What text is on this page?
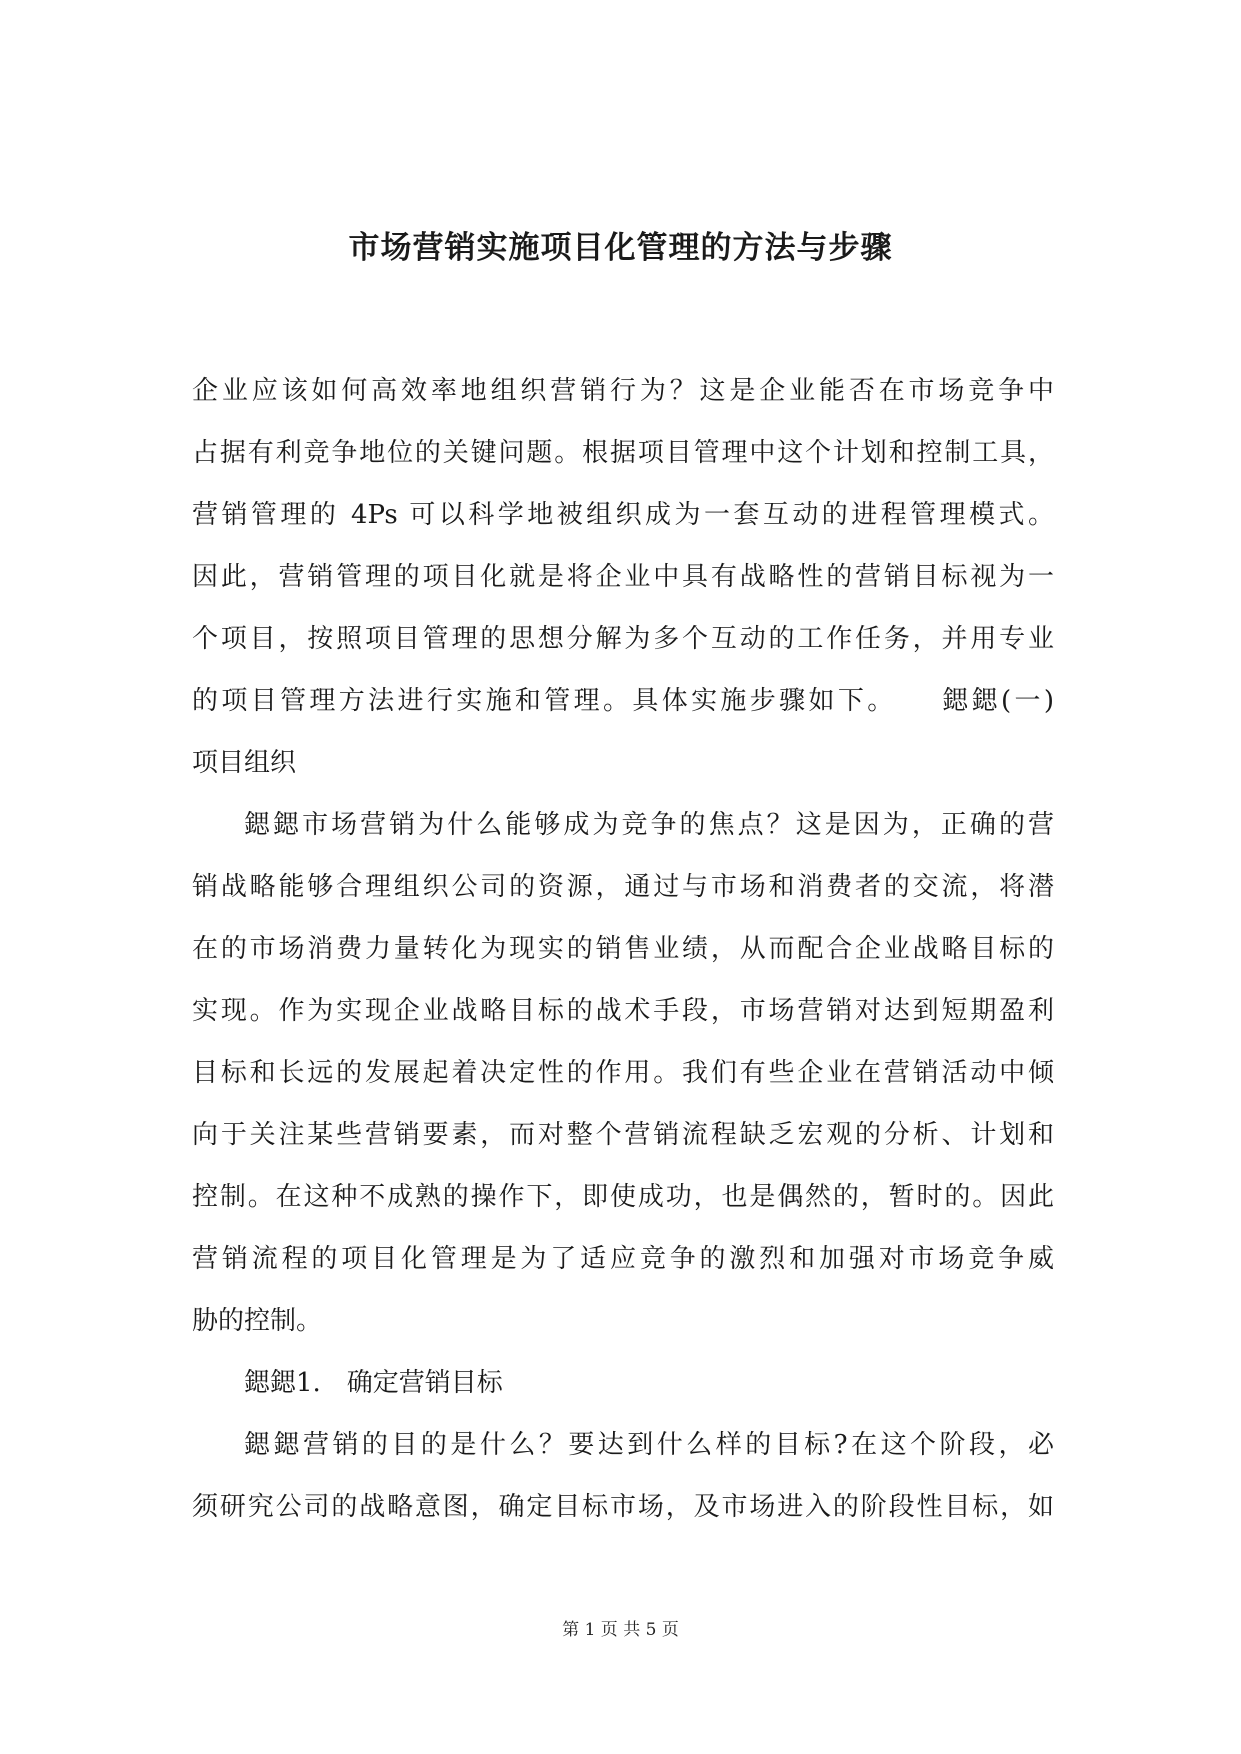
市场营销实施项目化管理的方法与步骤
企业应该如何高效率地组织营销行为？这是企业能否在市场竞争中
占据有利竞争地位的关键问题。根据项目管理中这个计划和控制工具，
营销管理的 4Ps 可以科学地被组织成为一套互动的进程管理模式。
因此，营销管理的项目化就是将企业中具有战略性的营销目标视为一
个项目，按照项目管理的思想分解为多个互动的工作任务，并用专业
的项目管理方法进行实施和管理。具体实施步骤如下。　　鍶鍶(一)
项目组织
鍶鍶市场营销为什么能够成为竞争的焦点？这是因为，正确的营
销战略能够合理组织公司的资源，通过与市场和消费者的交流，将潜
在的市场消费力量转化为现实的销售业绩，从而配合企业战略目标的
实现。作为实现企业战略目标的战术手段，市场营销对达到短期盈利
目标和长远的发展起着决定性的作用。我们有些企业在营销活动中倾
向于关注某些营销要素，而对整个营销流程缺乏宏观的分析、计划和
控制。在这种不成熟的操作下，即使成功，也是偶然的，暂时的。因此
营销流程的项目化管理是为了适应竞争的激烈和加强对市场竞争威
胁的控制。
鍶鍶1.　确定营销目标
鍶鍶营销的目的是什么？要达到什么样的目标?在这个阶段，必
须研究公司的战略意图，确定目标市场，及市场进入的阶段性目标，如
第 1 页 共 5 页
